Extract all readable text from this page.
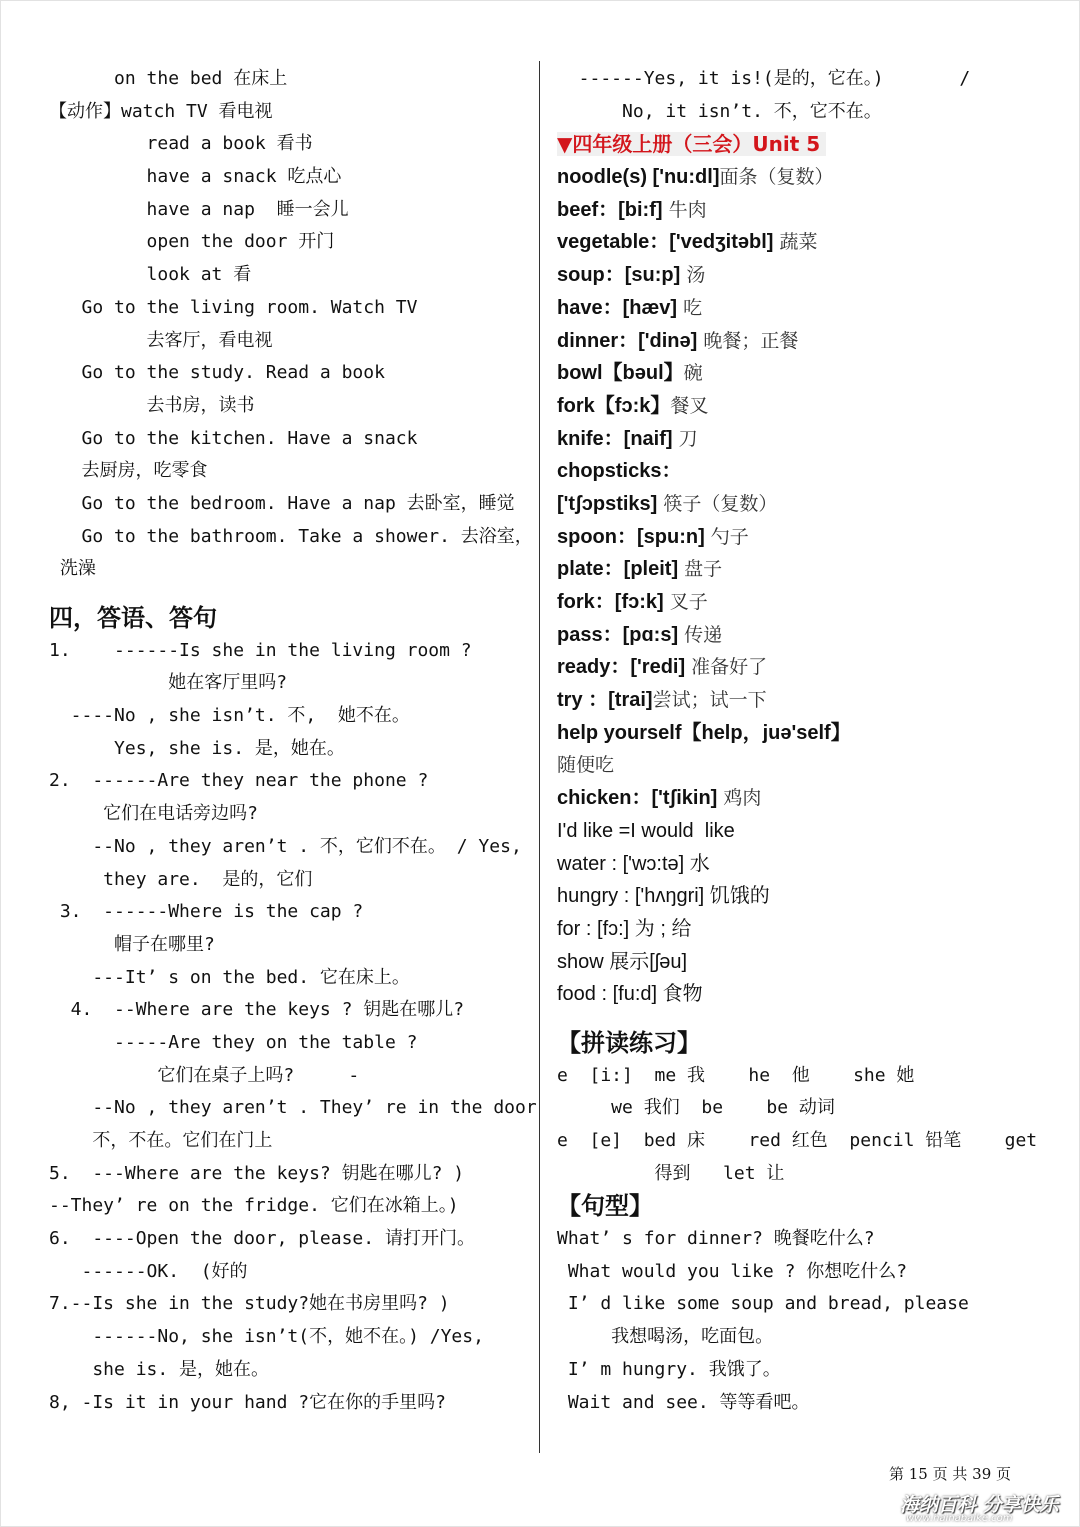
on the bed 在床上
【动作】watch TV 看电视
read a book 看书
have a snack 吃点心
have a nap  睡一会儿
open the door 开门
look at 看
Go to the living room. Watch TV
去客厅，看电视
Go to the study. Read a book
去书房，读书
Go to the kitchen. Have a snack
去厨房，吃零食
Go to the bedroom. Have a nap 去卧室，睡觉
Go to the bathroom. Take a shower. 去浴室，
洗澡
四，答语、答句
1.    ------Is she in the living room ?
她在客厅里吗?
----No , she isn’t. 不,  她不在。
Yes, she is. 是，她在。
2.  ------Are they near the phone ?
它们在电话旁边吗?
--No , they aren’t . 不，它们不在。 / Yes,
they are.  是的，它们
3.  ------Where is the cap ?
帽子在哪里?
---It’ s on the bed. 它在床上。
4.  --Where are the keys ? 钥匙在哪儿?
-----Are they on the table ?
它们在桌子上吗?     -
--No , they aren’t . They’ re in the door
不，不在。它们在门上
5.  ---Where are the keys? 钥匙在哪儿? )
--They’ re on the fridge. 它们在冰箱上。)
6.  ----Open the door, please. 请打开门。
------OK.  (好的
7.--Is she in the study?她在书房里吗? )
------No, she isn’t(不，她不在。) /Yes,
she is. 是，她在。
8, -Is it in your hand ?它在你的手里吗?
------Yes, it is!(是的，它在。)       /
No, it isn’t. 不，它不在。
▼四年级上册（三会）Unit 5
noodle(s) ['nu:dl]面条（复数）
beef：[bi:f] 牛肉
vegetable：['vedʒitəbl] 蔬菜
soup：[su:p] 汤
have：[hæv] 吃
dinner：['dinə] 晚餐；正餐
bowl【bəul】碗
fork【fɔ:k】餐叉
knife：[naif] 刀
chopsticks：
['tʃɔpstiks] 筷子（复数）
spoon：[spu:n] 勺子
plate：[pleit] 盘子
fork：[fɔ:k] 叉子
pass：[pɑ:s] 传递
ready：['redi] 准备好了
try ：[trai]尝试；试一下
help yourself【help，juə'self】
随便吃
chicken：['tʃikin] 鸡肉
I'd like =I would  like
water : ['wɔ:tə] 水
hungry : ['hʌŋgri] 饥饿的
for : [fɔ:] 为 ; 给
show 展示[ʃəu]
food : [fu:d] 食物
【拼读练习】
e  [i:]  me 我    he  他    she 她
we 我们  be    be 动词
e  [e]  bed 床    red 红色  pencil 铅笔    get
得到   let 让
【句型】
What’ s for dinner? 晚餐吃什么?
What would you like ? 你想吃什么?
I’ d like some soup and bread, please
我想喝汤，吃面包。
I’ m hungry. 我饿了。
Wait and see. 等等看吧。
第 15 页 共 39 页
海纳百科 分享快乐
www.hainabaike.com
